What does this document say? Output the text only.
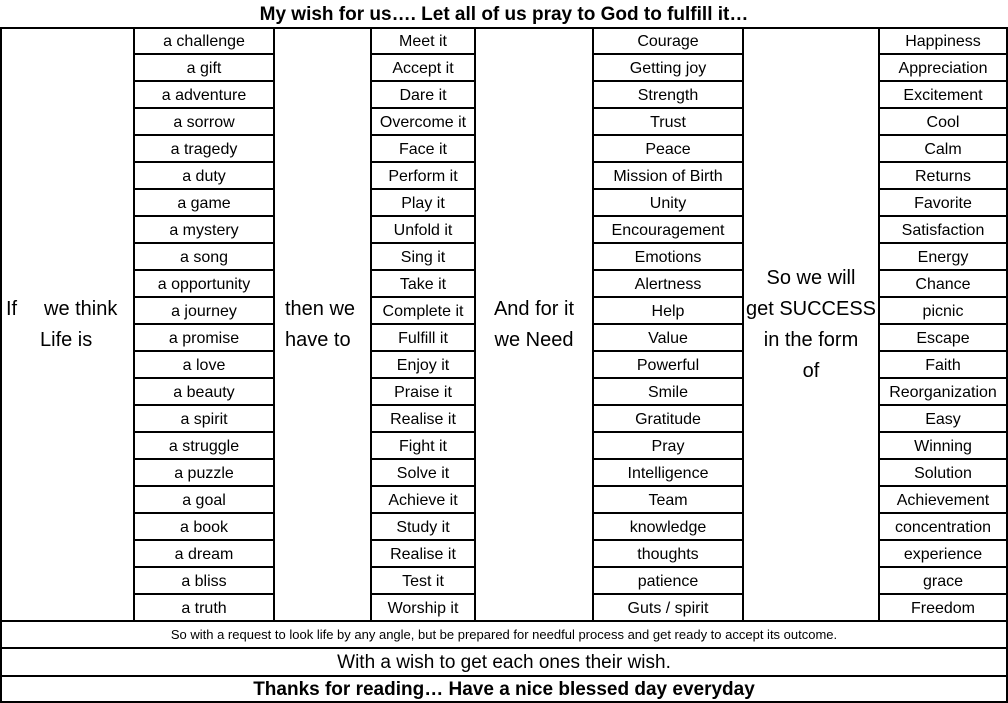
My wish for us…. Let all of us pray to God to fulfill it…
If we think
Life is
a challenge
a gift
a adventure
a sorrow
a tragedy
a duty
a game
a mystery
a song
a opportunity
a journey
a promise
a love
a beauty
a spirit
a struggle
a puzzle
a goal
a book
a dream
a bliss
a truth
then we
have to
Meet it
Accept it
Dare it
Overcome it
Face it
Perform it
Play it
Unfold it
Sing it
Take it
Complete it
Fulfill it
Enjoy it
Praise it
Realise it
Fight it
Solve it
Achieve it
Study it
Realise it
Test it
Worship it
And for it
we Need
Courage
Getting joy
Strength
Trust
Peace
Mission of Birth
Unity
Encouragement
Emotions
Alertness
Help
Value
Powerful
Smile
Gratitude
Pray
Intelligence
Team
knowledge
thoughts
patience
Guts / spirit
So we will
get SUCCESS
in the form
of
Happiness
Appreciation
Excitement
Cool
Calm
Returns
Favorite
Satisfaction
Energy
Chance
picnic
Escape
Faith
Reorganization
Easy
Winning
Solution
Achievement
concentration
experience
grace
Freedom
So with a request to look life by any angle, but be prepared for needful process and get ready to accept its outcome.
With a wish to get each ones their wish.
Thanks for reading… Have a nice blessed day everyday
